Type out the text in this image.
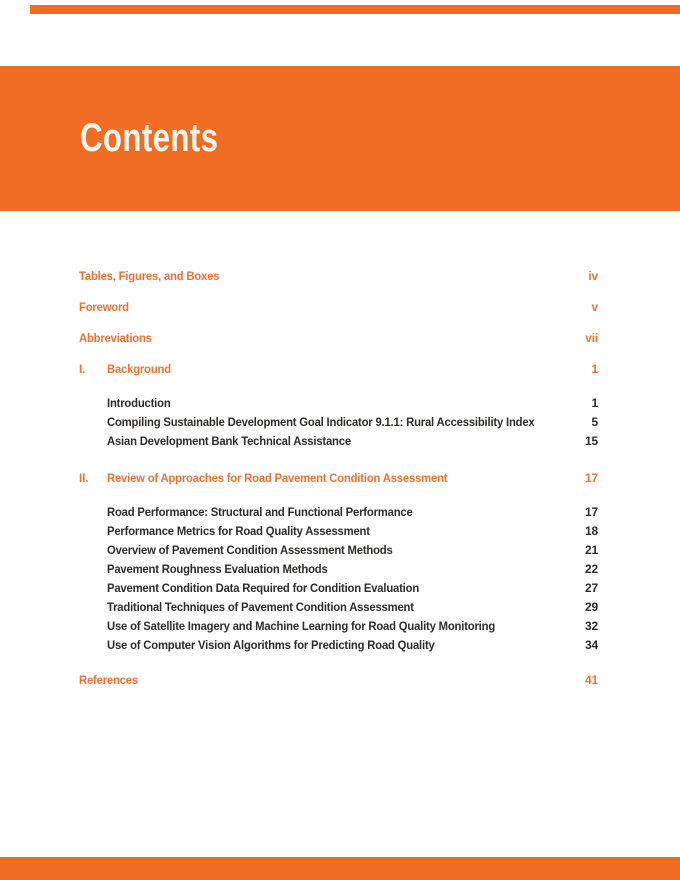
Contents
Tables, Figures, and Boxes	iv
Foreword	v
Abbreviations	vii
I.	Background	1
Introduction	1
Compiling Sustainable Development Goal Indicator 9.1.1: Rural Accessibility Index	5
Asian Development Bank Technical Assistance	15
II.	Review of Approaches for Road Pavement Condition Assessment	17
Road Performance: Structural and Functional Performance	17
Performance Metrics for Road Quality Assessment	18
Overview of Pavement Condition Assessment Methods	21
Pavement Roughness Evaluation Methods	22
Pavement Condition Data Required for Condition Evaluation	27
Traditional Techniques of Pavement Condition Assessment	29
Use of Satellite Imagery and Machine Learning for Road Quality Monitoring	32
Use of Computer Vision Algorithms for Predicting Road Quality	34
References	41
